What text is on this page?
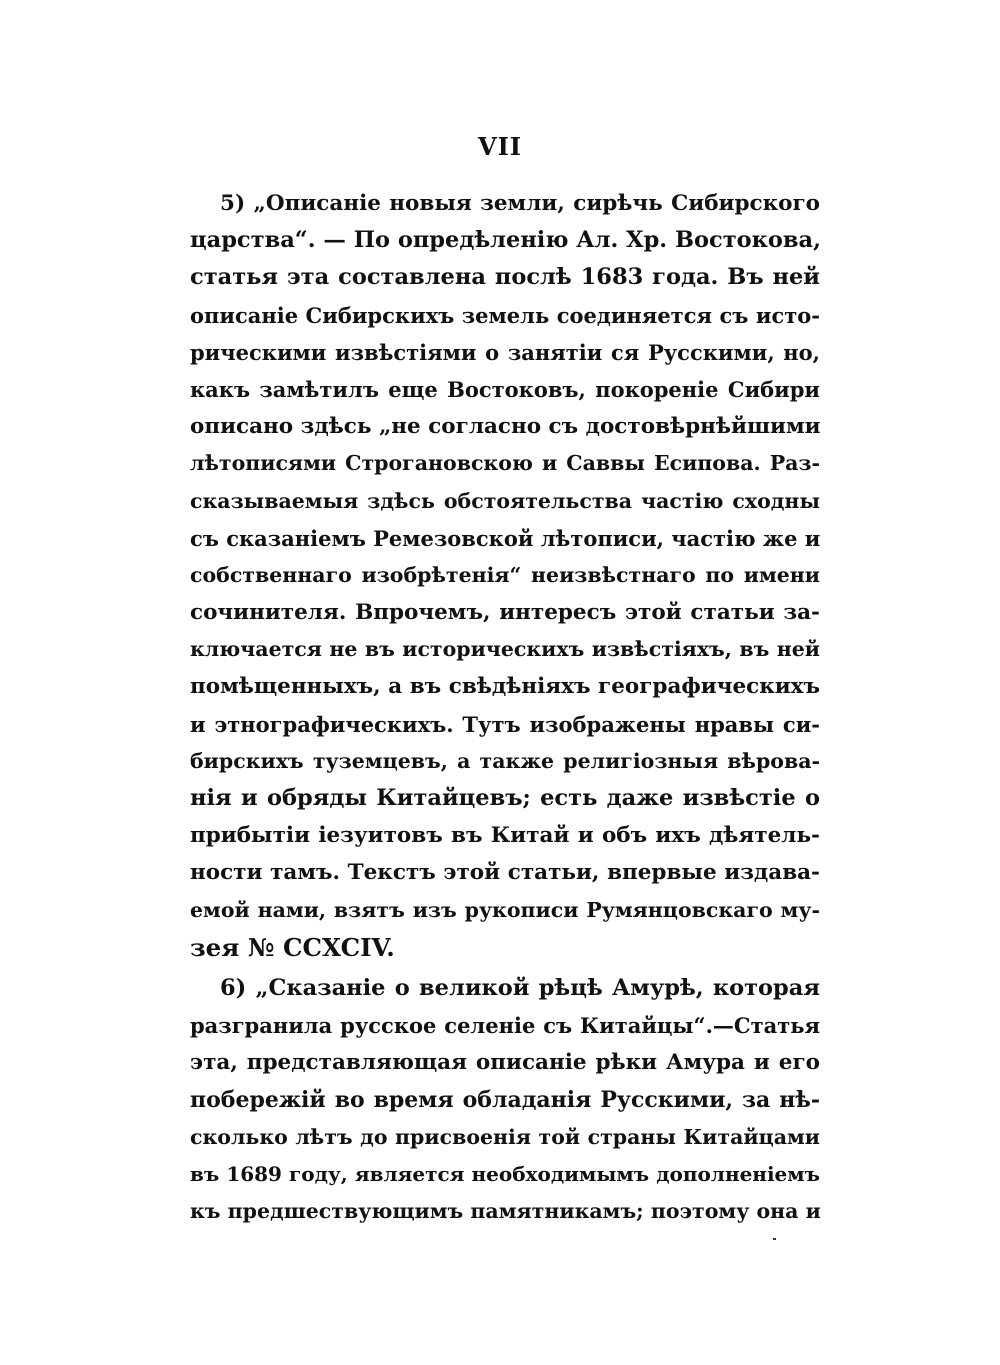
VII
5) „Описаніе новыя земли, сирѣчь Сибирского
царства“. — По опредѣленію Ал. Хр. Востокова,
статья эта составлена послѣ 1683 года. Въ ней
описаніе Сибирскихъ земель соединяется съ исто-
рическими извѣстіями о занятіи ся Русскими, но,
какъ замѣтилъ еще Востоковъ, покореніе Сибири
описано здѣсь „не согласно съ достовѣрнѣйшими
лѣтописями Строгановскою и Саввы Есипова. Раз-
сказываемыя здѣсь обстоятельства частію сходны
съ сказаніемъ Ремезовской лѣтописи, частію же и
собственнаго изобрѣтенія“ неизвѣстнаго по имени
сочинителя. Впрочемъ, интересъ этой статьи за-
ключается не въ историческихъ извѣстіяхъ, въ ней
помѣщенныхъ, а въ свѣдѣніяхъ географическихъ
и этнографическихъ. Тутъ изображены нравы си-
бирскихъ туземцевъ, а также религіозныя вѣрова-
нія и обряды Китайцевъ; есть даже извѣстіе о
прибытіи іезуитовъ въ Китай и объ ихъ дѣятель-
ности тамъ. Текстъ этой статьи, впервые издава-
емой нами, взятъ изъ рукописи Румянцовскаго му-
зея № CCXCIV.
6) „Сказаніе о великой рѣцѣ Амурѣ, которая
разгранила русское селеніе съ Китайцы“.—Статья
эта, представляющая описаніе рѣки Амура и его
побережій во время обладанія Русскими, за нѣ-
сколько лѣтъ до присвоенія той страны Китайцами
въ 1689 году, является необходимымъ дополненіемъ
къ предшествующимъ памятникамъ; поэтому она и
